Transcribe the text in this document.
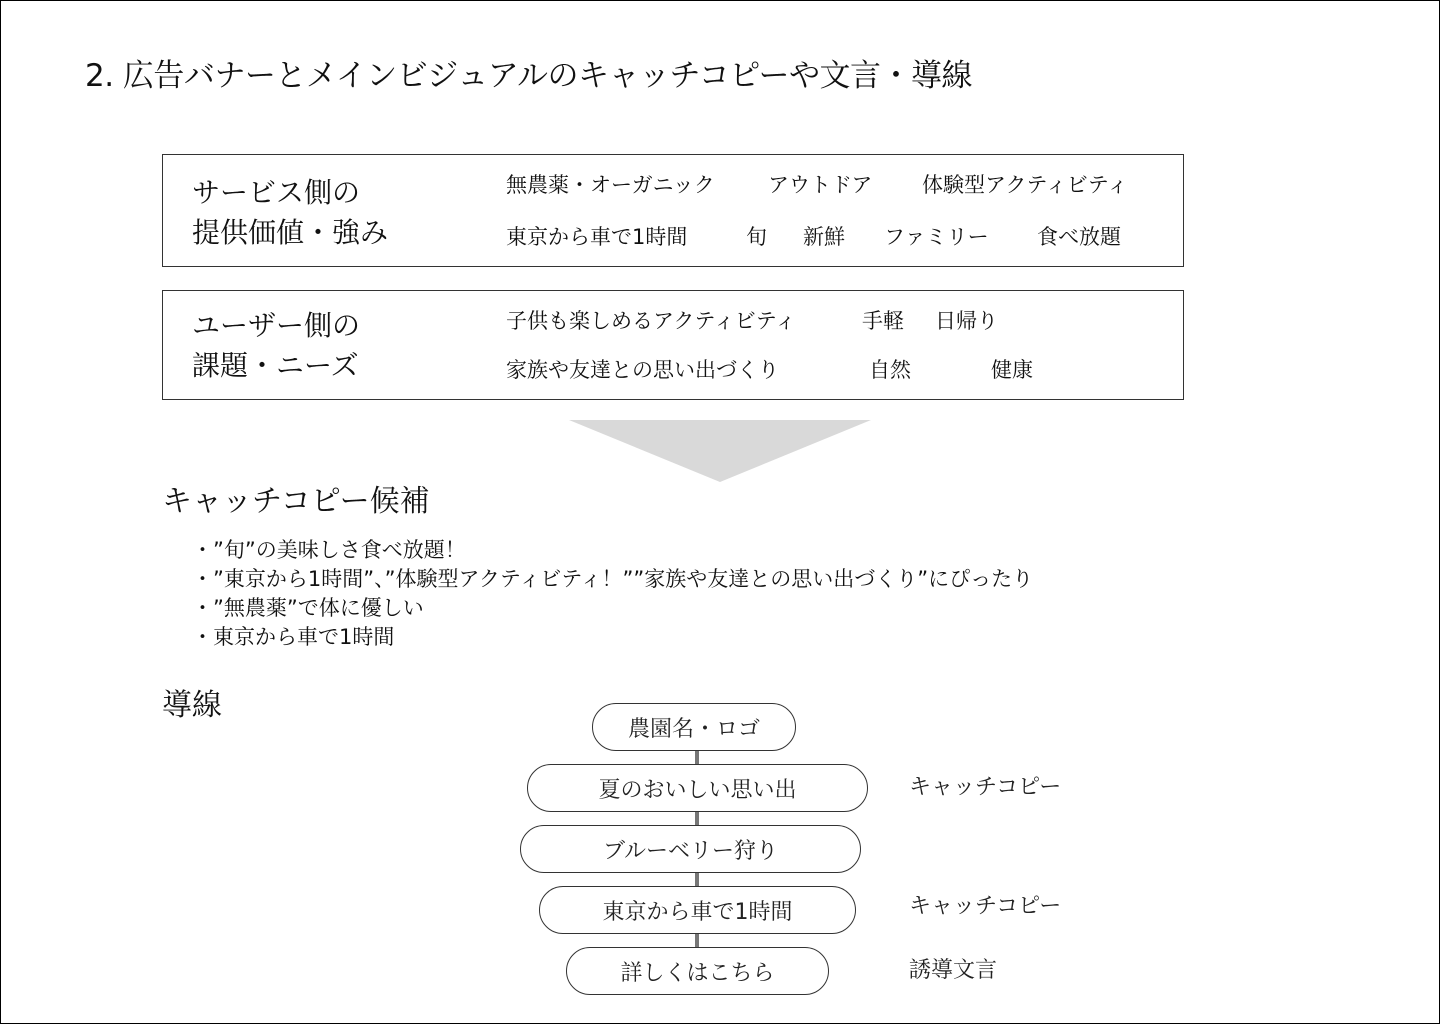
2. 広告バナーとメインビジュアルのキャッチコピーや文言・導線
サービス側の
提供価値・強み
無農薬・オーガニック	アウトドア 体験型アクティビティ
東京から車で1時間	旬 新鮮 ファミリー 食べ放題
ユーザー側の
課題・ニーズ
子供も楽しめるアクティビティ	手軽 日帰り
家族や友達との思い出づくり	自然	健康
キャッチコピー候補
・ ”旬”の美味しさ食べ放題！
・ ”東京から1時間”、”体験型アクティビティ！””家族や友達との思い出づくり”にぴったり
・ ”無農薬”で体に優しい
・ 東京から車で1時間
導線
農園名・ロゴ
夏のおいしい思い出
ブルーベリー狩り
東京から車で1時間
詳しくはこちら
キャッチコピー
キャッチコピー
誘導文言
